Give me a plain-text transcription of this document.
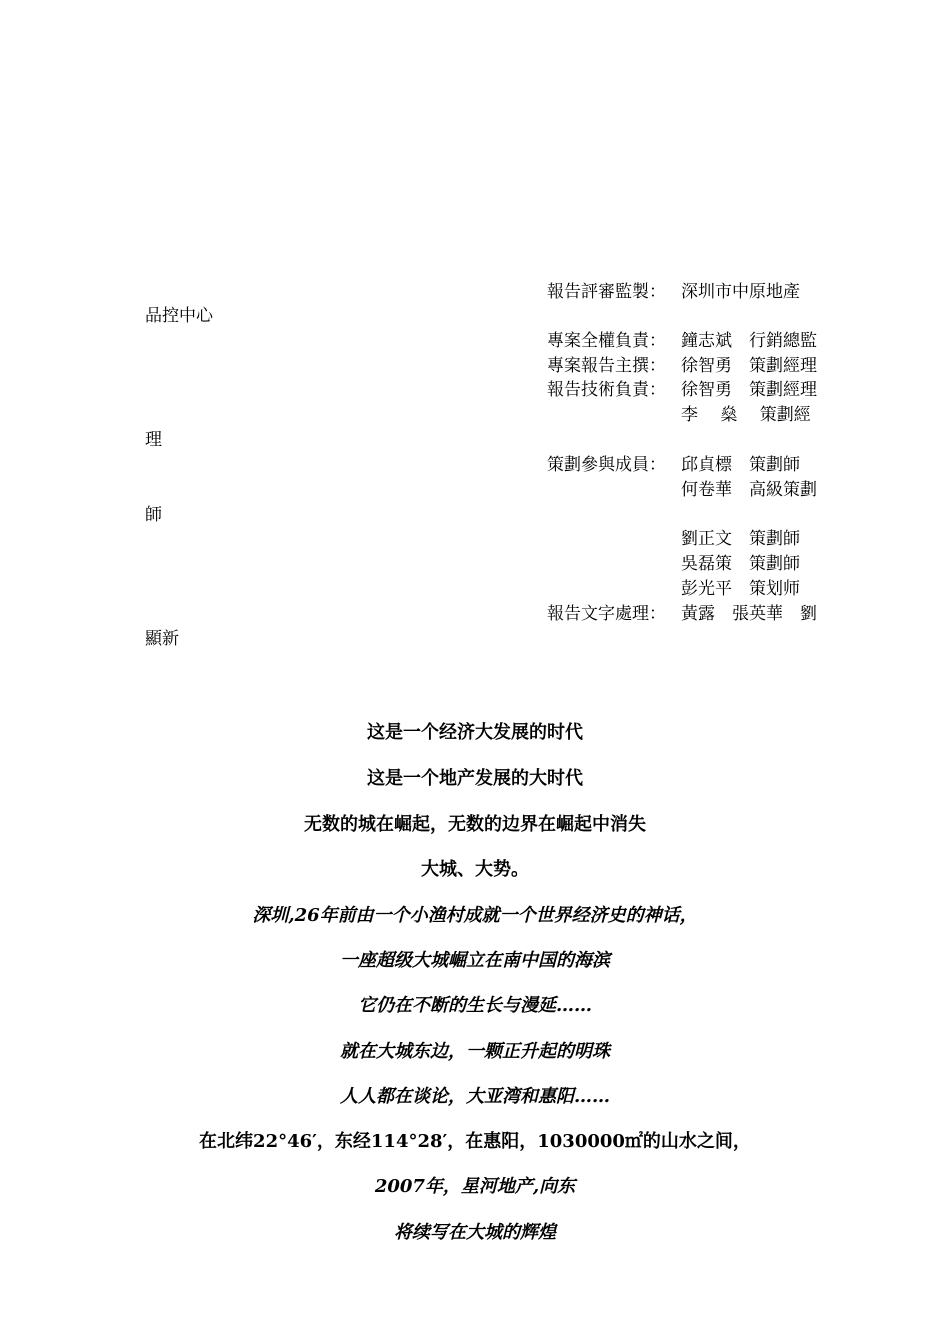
報告評審監製： 深圳市中原地產
品控中心
專案全權負責： 鐘志斌　行銷總監
專案報告主撰： 徐智勇　策劃經理
報告技術負責： 徐智勇　策劃經理
李　 燊　 策劃經
理
策劃參與成員： 邱貞標　策劃師
何卷華　高級策劃
師
劉正文　策劃師
吳磊策　策劃師
彭光平　策划师
報告文字處理： 黃露　張英華　劉
顯新
这是一个经济大发展的时代
这是一个地产发展的大时代
无数的城在崛起，无数的边界在崛起中消失
大城、大势。
深圳,26年前由一个小渔村成就一个世界经济史的神话，
一座超级大城崛立在南中国的海滨
它仍在不断的生长与漫延……
就在大城东边，一颗正升起的明珠
人人都在谈论，大亚湾和惠阳……
在北纬22°46′，东经114°28′，在惠阳，1030000㎡的山水之间，
2007年，星河地产,向东
将续写在大城的辉煌
